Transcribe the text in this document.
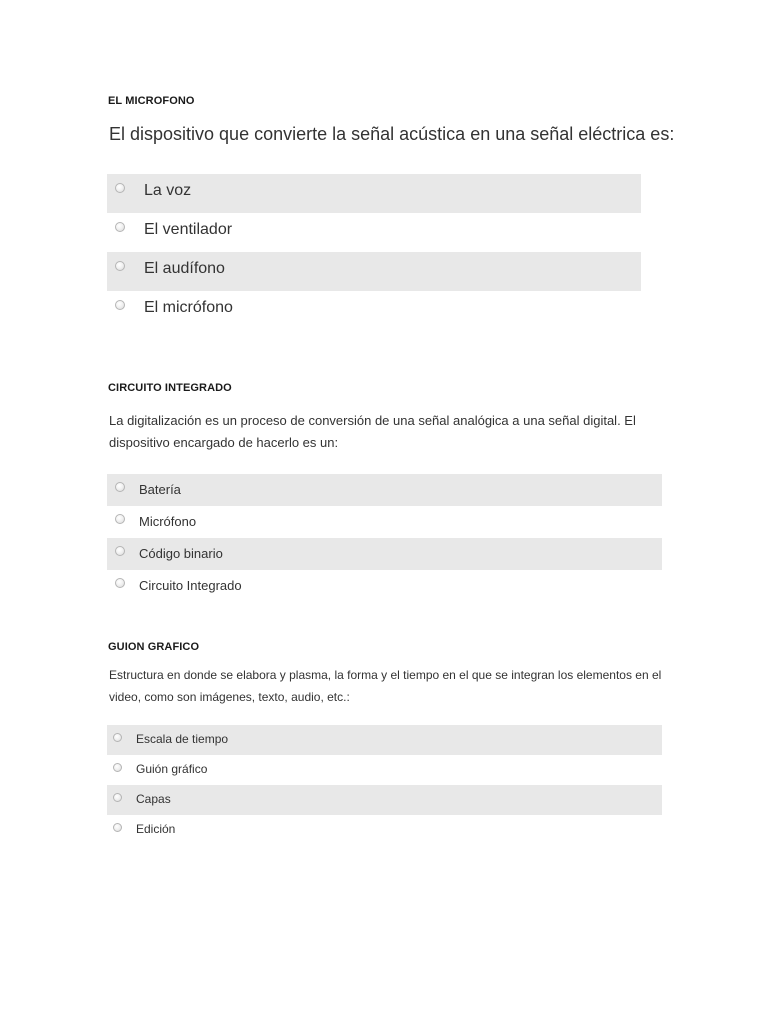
EL MICROFONO
El dispositivo que convierte la señal acústica en una señal eléctrica es:
La voz
El ventilador
El audífono
El micrófono
CIRCUITO INTEGRADO
La digitalización es un proceso de conversión de una señal analógica a una señal digital. El dispositivo encargado de hacerlo es un:
Batería
Micrófono
Código binario
Circuito Integrado
GUION GRAFICO
Estructura en donde se elabora y plasma, la forma y el tiempo en el que se integran los elementos en el video, como son imágenes, texto, audio, etc.:
Escala de tiempo
Guión gráfico
Capas
Edición
